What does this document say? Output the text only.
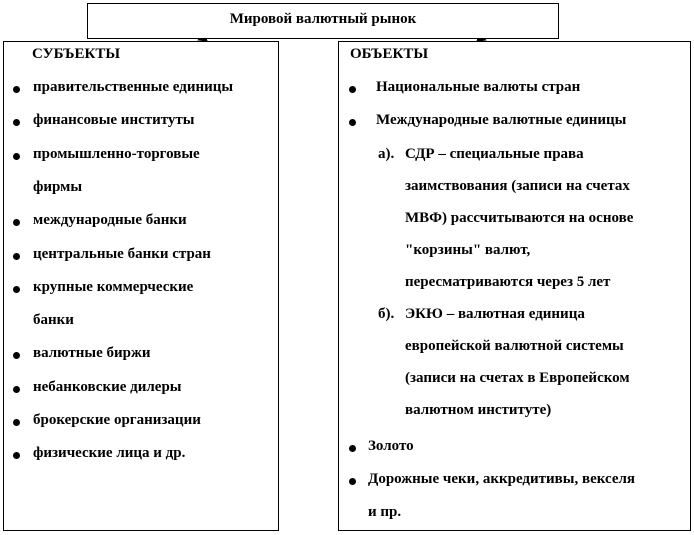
Мировой валютный рынок
СУБЪЕКТЫ
правительственные единицы
финансовые институты
промышленно-торговые
фирмы
международные банки
центральные банки стран
крупные коммерческие
банки
валютные биржи
небанковские дилеры
брокерские организации
физические лица и др.
ОБЪЕКТЫ
Национальные валюты стран
Международные валютные единицы
а). СДР – специальные права
заимствования (записи на счетах
МВФ) рассчитываются на основе
"корзины" валют,
пересматриваются через 5 лет
б). ЭКЮ – валютная единица
европейской валютной системы
(записи на счетах в Европейском
валютном институте)
Золото
Дорожные чеки, аккредитивы, векселя
и пр.
